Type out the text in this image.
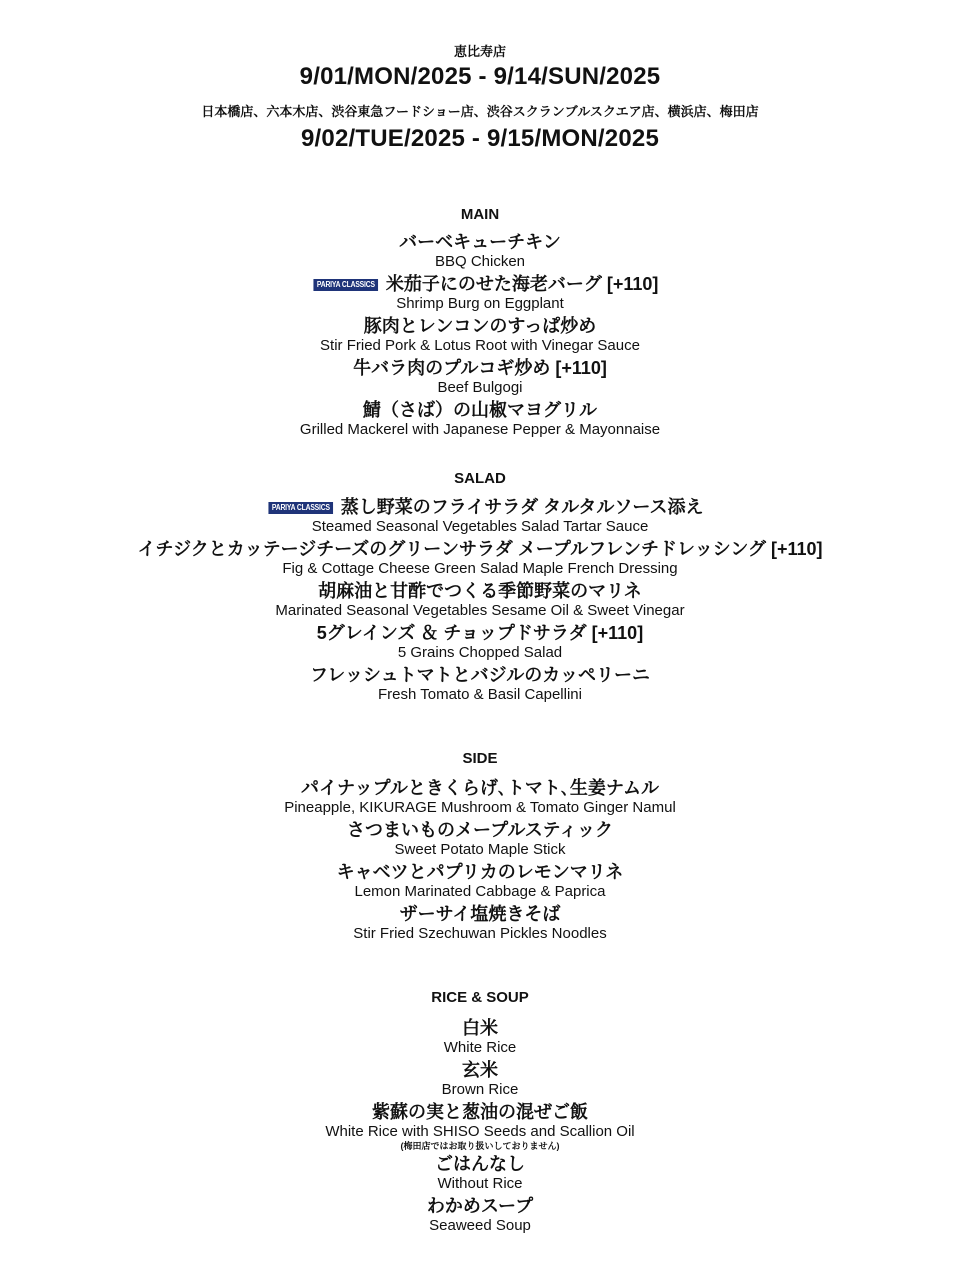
恵比寿店
9/01/MON/2025 - 9/14/SUN/2025
日本橋店、六本木店、渋谷東急フードショー店、渋谷スクランブルスクエア店、横浜店、梅田店
9/02/TUE/2025 - 9/15/MON/2025
MAIN
バーベキューチキン
BBQ Chicken
PARIYA CLASSICS 米茄子にのせた海老バーグ [+110]
Shrimp Burg on Eggplant
豚肉とレンコンのすっぱ炒め
Stir Fried Pork & Lotus Root with Vinegar Sauce
牛バラ肉のプルコギ炒め [+110]
Beef Bulgogi
鯖（さば）の山椒マヨグリル
Grilled Mackerel with Japanese Pepper & Mayonnaise
SALAD
PARIYA CLASSICS 蒸し野菜のフライサラダ タルタルソース添え
Steamed Seasonal Vegetables Salad Tartar Sauce
イチジクとカッテージチーズのグリーンサラダ メープルフレンチドレッシング [+110]
Fig & Cottage Cheese Green Salad Maple French Dressing
胡麻油と甘酢でつくる季節野菜のマリネ
Marinated Seasonal Vegetables Sesame Oil & Sweet Vinegar
5グレインズ ＆ チョップドサラダ [+110]
5 Grains Chopped Salad
フレッシュトマトとバジルのカッペリーニ
Fresh Tomato & Basil Capellini
SIDE
パイナップルときくらげ､トマト､生姜ナムル
Pineapple, KIKURAGE Mushroom & Tomato Ginger Namul
さつまいものメープルスティック
Sweet Potato Maple Stick
キャベツとパプリカのレモンマリネ
Lemon Marinated Cabbage & Paprica
ザーサイ塩焼きそば
Stir Fried Szechuwan Pickles Noodles
RICE & SOUP
白米
White Rice
玄米
Brown Rice
紫蘇の実と葱油の混ぜご飯
White Rice with SHISO Seeds and Scallion Oil
(梅田店ではお取り扱いしておりません)
ごはんなし
Without Rice
わかめスープ
Seaweed Soup
